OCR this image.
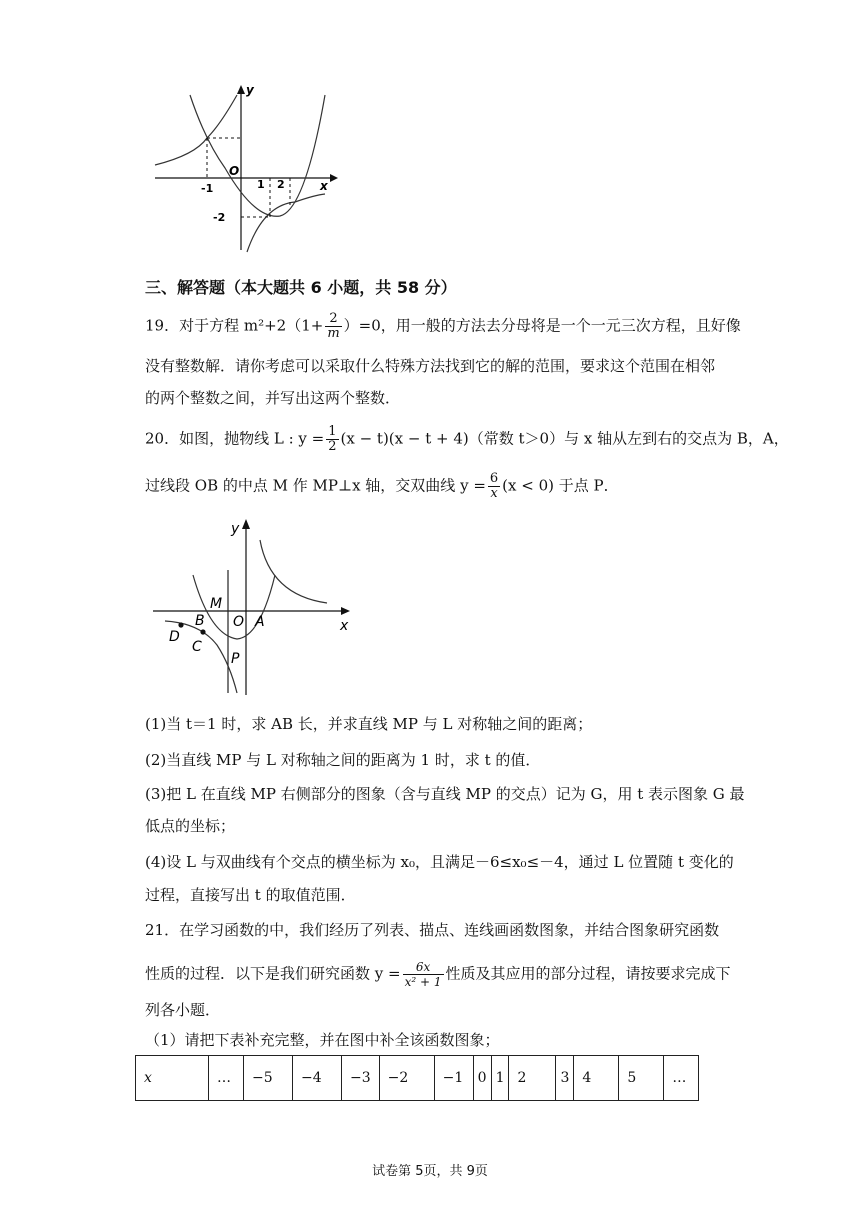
y
x
O
-1	1 2
-2
三、解答题（本大题共 6 小题，共 58 分）
19．对于方程 $m^2+2(1+ \frac{2}{m} )=0$，用一般的方法去分母将是一个一元三次方程，且好像
没有整数解．请你考虑可以采取什么特殊方法找到它的解的范围，要求这个范围在相邻
的两个整数之间，并写出这两个整数．
20．如图，抛物线 L : $y = \frac{1}{2} (x - t)(x - t + 4)$（常数 t＞0）与 x 轴从左到右的交点为 B，A，
过线段 OB 的中点 M 作 MP⊥x 轴，交双曲线 $y = \frac{6}{x} (x < 0)$ 于点 P．
y
x
M
B O A
D
C
P
(1)当 t＝1 时，求 AB 长，并求直线 MP 与 L 对称轴之间的距离；
(2)当直线 MP 与 L 对称轴之间的距离为 1 时，求 t 的值．
(3)把 L 在直线 MP 右侧部分的图象（含与直线 MP 的交点）记为 G，用 t 表示图象 G 最
低点的坐标；
(4)设 L 与双曲线有个交点的横坐标为 x₀，且满足－6≤x₀≤－4，通过 L 位置随 t 变化的
过程，直接写出 t 的取值范围．
21．在学习函数的中，我们经历了列表、描点、连线画函数图象，并结合图象研究函数
性质的过程．以下是我们研究函数 $y = \frac{6x}{\text{x² + 1}}$ 性质及其应用的部分过程，请按要求完成下
列各小题．
（1）请把下表补充完整，并在图中补全该函数图象；
x	…	−5	−4	−3	−2	−1	0	1	2	3	4	5	…
试卷第 5页，共 9页
